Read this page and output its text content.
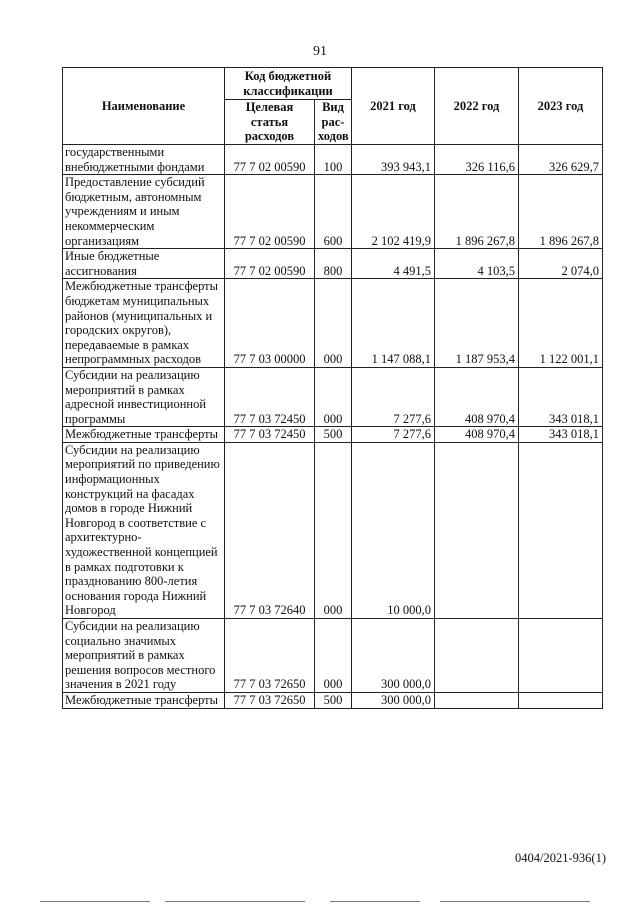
91
Наименование	Код бюджетной классификации		2021 год	2022 год	2023 год
	Целевая статья расходов	Вид рас-ходов			

государственными внебюджетными фондами	77 7 02 00590	100	393 943,1	326 116,6	326 629,7

Предоставление субсидий бюджетным, автономным учреждениям и иным некоммерческим организациям	77 7 02 00590	600	2 102 419,9	1 896 267,8	1 896 267,8

Иные бюджетные ассигнования	77 7 02 00590	800	4 491,5	4 103,5	2 074,0

Межбюджетные трансферты бюджетам муниципальных районов (муниципальных и городских округов), передаваемые в рамках непрограммных расходов	77 7 03 00000	000	1 147 088,1	1 187 953,4	1 122 001,1

Субсидии на реализацию мероприятий в рамках адресной инвестиционной программы	77 7 03 72450	000	7 277,6	408 970,4	343 018,1

Межбюджетные трансферты	77 7 03 72450	500	7 277,6	408 970,4	343 018,1

Субсидии на реализацию мероприятий по приведению информационных конструкций на фасадах домов в городе Нижний Новгород в соответствие с архитектурно-художественной концепцией в рамках подготовки к празднованию 800-летия основания города Нижний Новгород	77 7 03 72640	000	10 000,0		

Субсидии на реализацию социально значимых мероприятий в рамках решения вопросов местного значения в 2021 году	77 7 03 72650	000	300 000,0		

Межбюджетные трансферты	77 7 03 72650	500	300 000,0		
0404/2021-936(1)
